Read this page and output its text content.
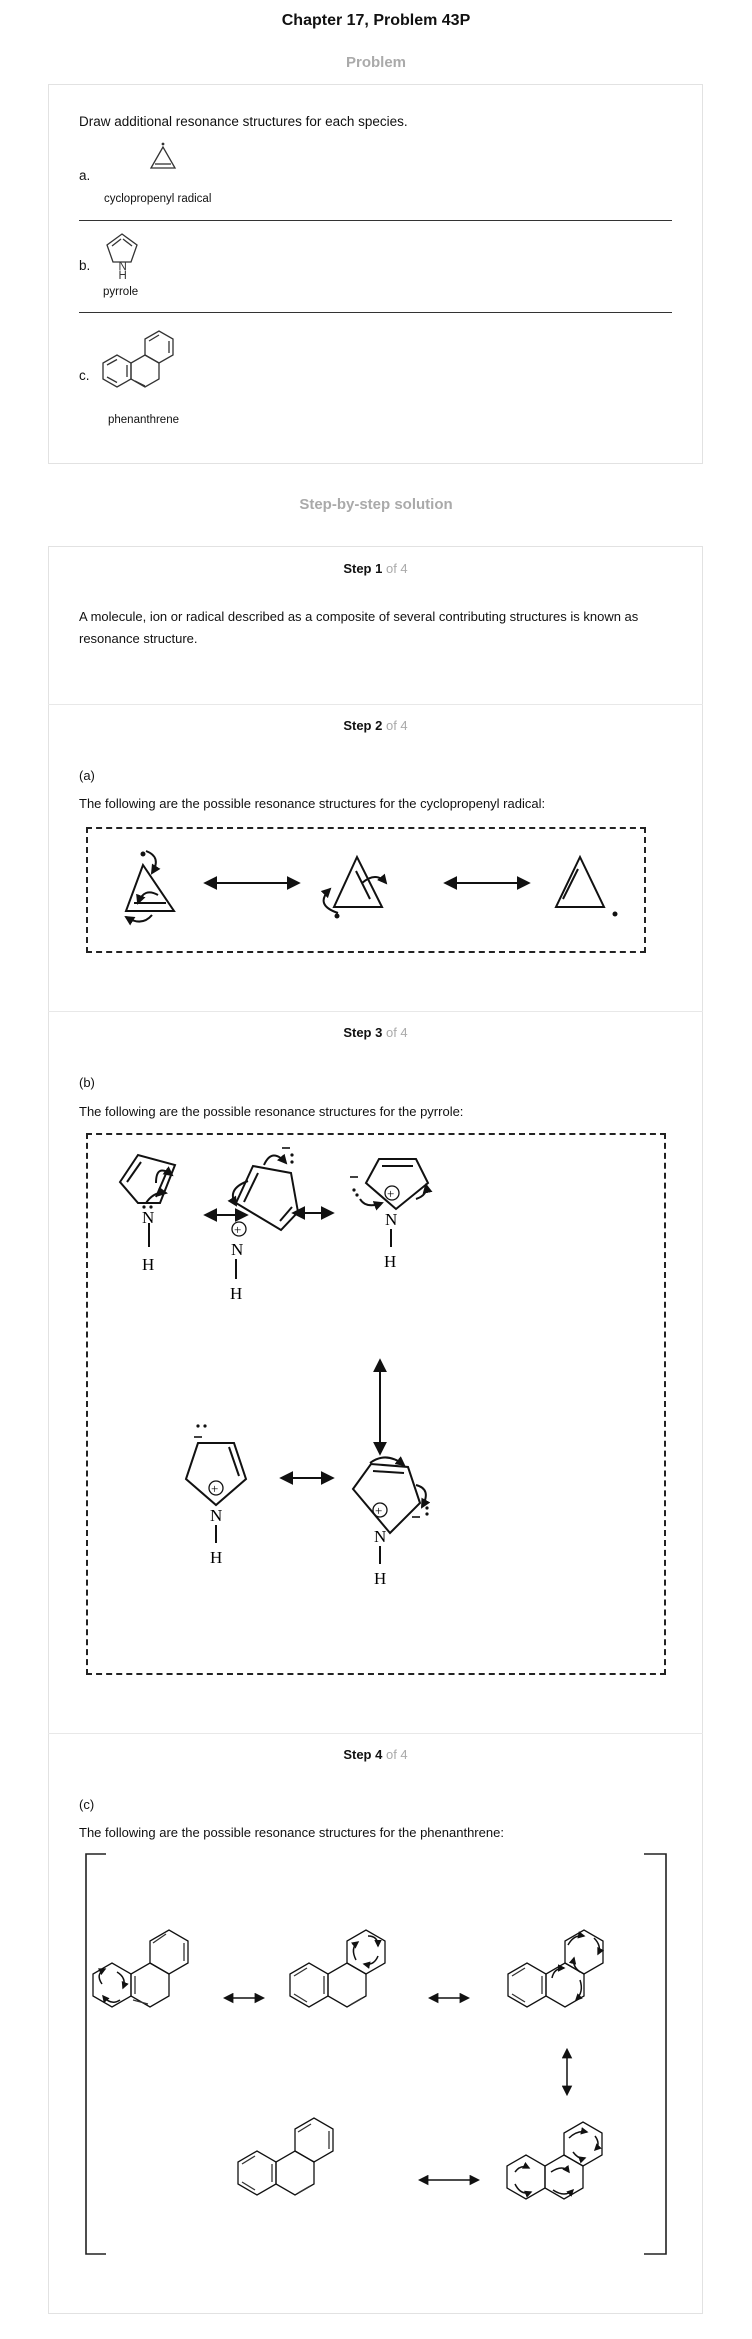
Chapter 17, Problem 43P
Problem
Draw additional resonance structures for each species.
a.
cyclopropenyl radical
b. N
H
pyrrole
c.
phenanthrene
Step-by-step solution
Step 1 of 4
A molecule, ion or radical described as a composite of several contributing structures is known as resonance structure.
Step 2 of 4
(a)
The following are the possible resonance structures for the cyclopropenyl radical:
Step 3 of 4
(b)
The following are the possible resonance structures for the pyrrole:
N
H
+
N
H
+
N
H
+
N
H
+
N
H
Step 4 of 4
(c)
The following are the possible resonance structures for the phenanthrene:
